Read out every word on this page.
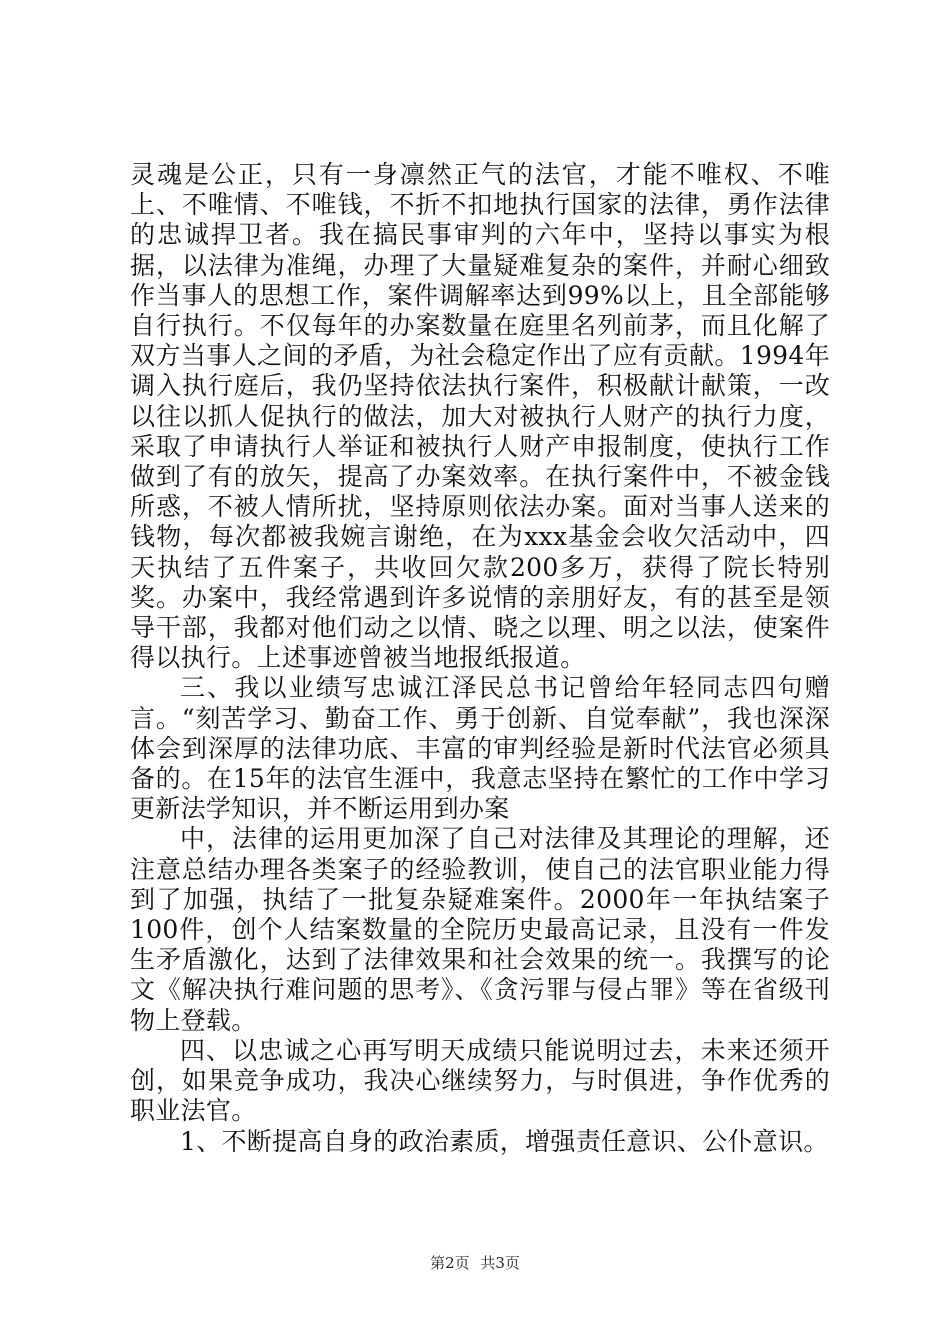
灵魂是公正，只有一身凛然正气的法官，才能不唯权、不唯上、不唯情、不唯钱，不折不扣地执行国家的法律，勇作法律的忠诚捍卫者。我在搞民事审判的六年中，坚持以事实为根据，以法律为准绳，办理了大量疑难复杂的案件，并耐心细致作当事人的思想工作，案件调解率达到99%以上，且全部能够自行执行。不仅每年的办案数量在庭里名列前茅，而且化解了双方当事人之间的矛盾，为社会稳定作出了应有贡献。1994年调入执行庭后，我仍坚持依法执行案件，积极献计献策，一改以往以抓人促执行的做法，加大对被执行人财产的执行力度，采取了申请执行人举证和被执行人财产申报制度，使执行工作做到了有的放矢，提高了办案效率。在执行案件中，不被金钱所惑，不被人情所扰，坚持原则依法办案。面对当事人送来的钱物，每次都被我婉言谢绝，在为xxx基金会收欠活动中，四天执结了五件案子，共收回欠款200多万，获得了院长特别奖。办案中，我经常遇到许多说情的亲朋好友，有的甚至是领导干部，我都对他们动之以情、晓之以理、明之以法，使案件得以执行。上述事迹曾被当地报纸报道。

三、我以业绩写忠诚江泽民总书记曾给年轻同志四句赠言。“刻苦学习、勤奋工作、勇于创新、自觉奉献”，我也深深体会到深厚的法律功底、丰富的审判经验是新时代法官必须具备的。在15年的法官生涯中，我意志坚持在繁忙的工作中学习更新法学知识，并不断运用到办案

中，法律的运用更加深了自己对法律及其理论的理解，还注意总结办理各类案子的经验教训，使自己的法官职业能力得到了加强，执结了一批复杂疑难案件。2000年一年执结案子100件，创个人结案数量的全院历史最高记录，且没有一件发生矛盾激化，达到了法律效果和社会效果的统一。我撰写的论文《解决执行难问题的思考》、《贪污罪与侵占罪》等在省级刊物上登载。

四、以忠诚之心再写明天成绩只能说明过去，未来还须开创，如果竞争成功，我决心继续努力，与时俱进，争作优秀的职业法官。

1、不断提高自身的政治素质，增强责任意识、公仆意识。

第2页 共3页
